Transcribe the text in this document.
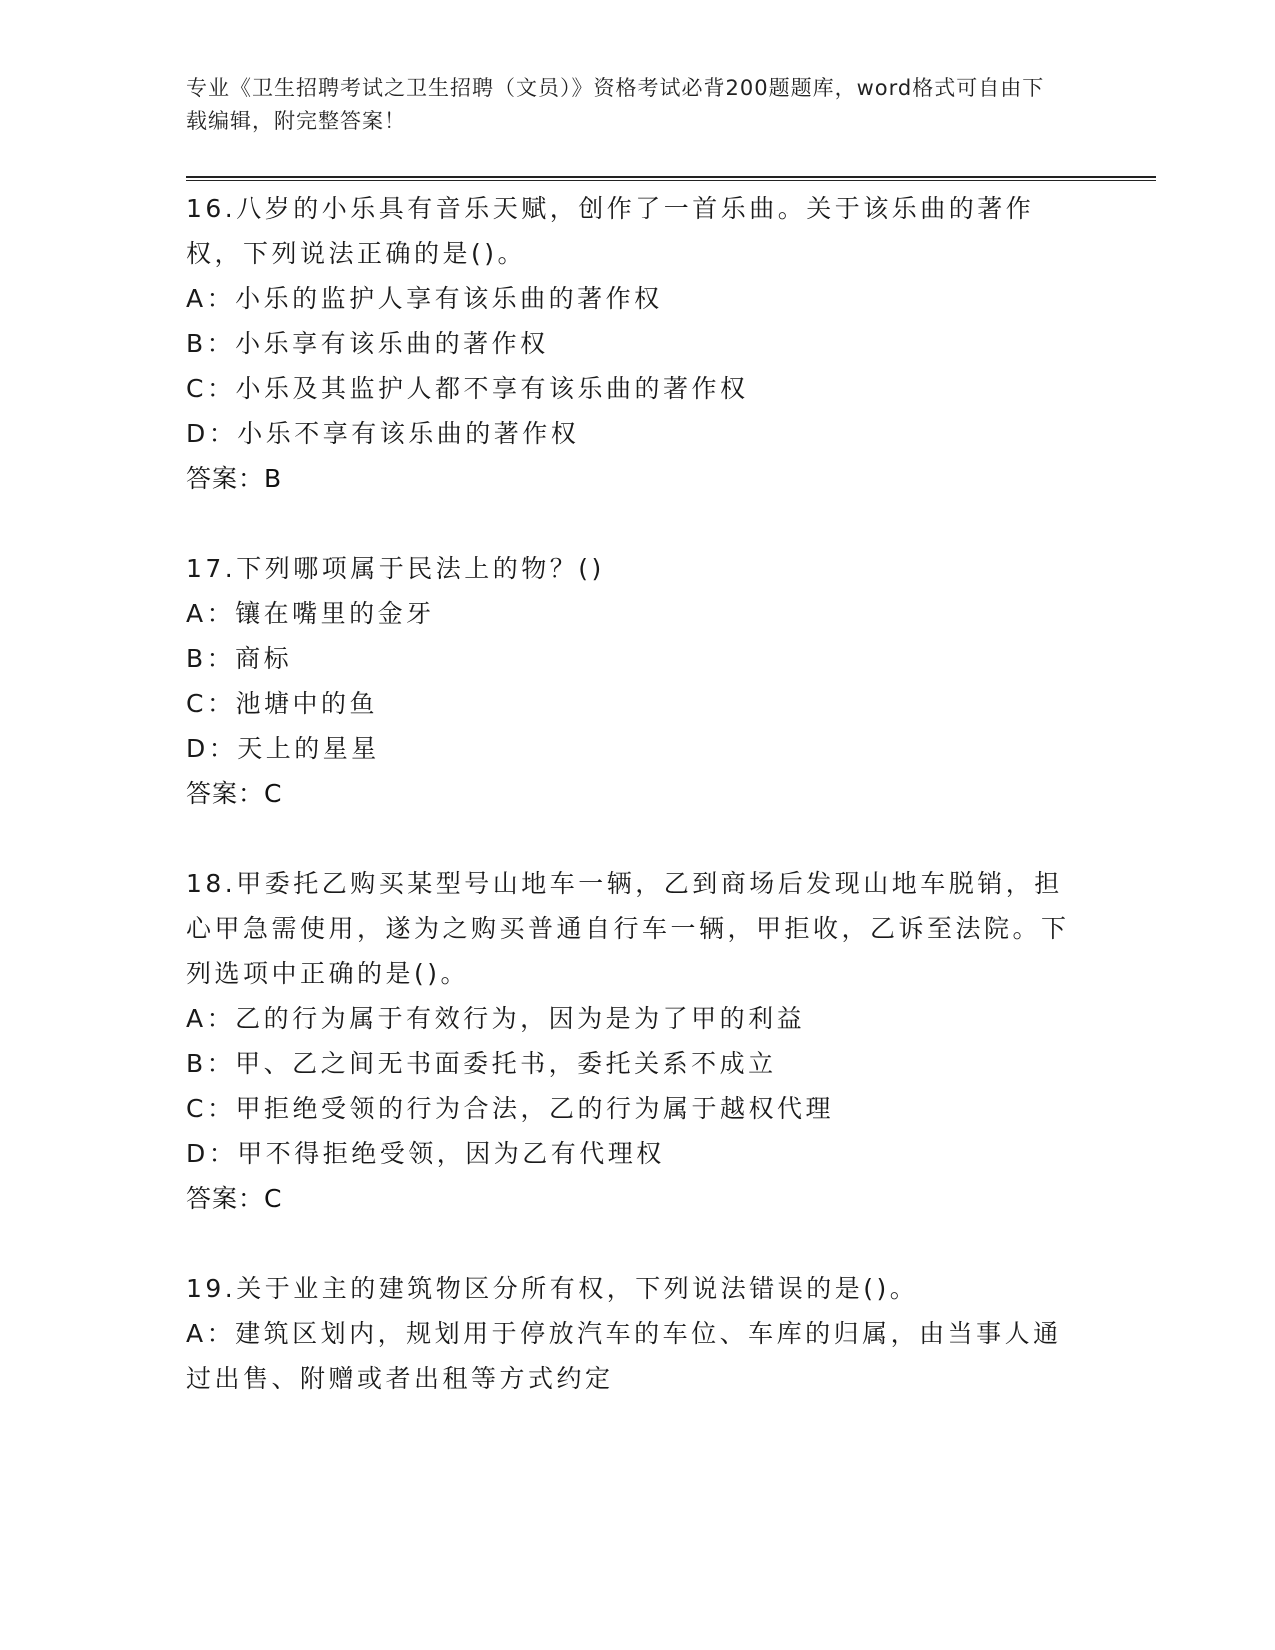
专业《卫生招聘考试之卫生招聘（文员）》资格考试必背200题题库，word格式可自由下载编辑，附完整答案！

16.八岁的小乐具有音乐天赋，创作了一首乐曲。关于该乐曲的著作权，下列说法正确的是()。

A：小乐的监护人享有该乐曲的著作权

B：小乐享有该乐曲的著作权

C：小乐及其监护人都不享有该乐曲的著作权

D：小乐不享有该乐曲的著作权

答案：B

17.下列哪项属于民法上的物？()

A：镶在嘴里的金牙

B：商标

C：池塘中的鱼

D：天上的星星

答案：C

18.甲委托乙购买某型号山地车一辆，乙到商场后发现山地车脱销，担心甲急需使用，遂为之购买普通自行车一辆，甲拒收，乙诉至法院。下列选项中正确的是()。

A：乙的行为属于有效行为，因为是为了甲的利益

B：甲、乙之间无书面委托书，委托关系不成立

C：甲拒绝受领的行为合法，乙的行为属于越权代理

D：甲不得拒绝受领，因为乙有代理权

答案：C

19.关于业主的建筑物区分所有权，下列说法错误的是()。

A：建筑区划内，规划用于停放汽车的车位、车库的归属，由当事人通过出售、附赠或者出租等方式约定
